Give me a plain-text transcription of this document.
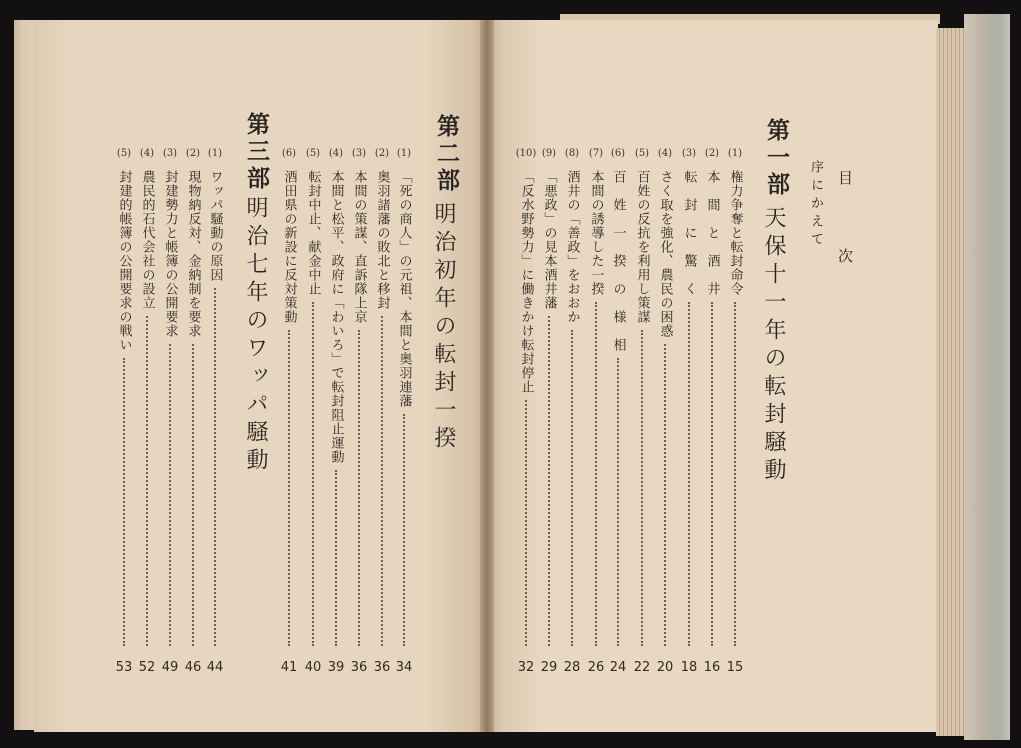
目　次
序にかえて
第一部
天保十一年の転封騒動
(1)
権力争奪と転封命令
15
(2)
本　間　と　酒　井
16
(3)
転　封　に　驚　く
18
(4)
さく取を強化、農民の困惑
20
(5)
百姓の反抗を利用し策謀
22
(6)
百　姓　一　揆　の　様　相
24
(7)
本間の誘導した一揆
26
(8)
酒井の「善政」をおおか
28
(9)
「悪政」の見本酒井藩
29
(10)
「反水野勢力」に働きかけ転封停止
32
第二部
明治初年の転封一揆
(1)
「死の商人」の元祖、本間と奥羽連藩
34
(2)
奥羽諸藩の敗北と移封
36
(3)
本間の策謀、直訴隊上京
36
(4)
本間と松平、政府に「わいろ」で転封阻止運動
39
(5)
転封中止、献金中止
40
(6)
酒田県の新設に反対策動
41
第三部
明治七年のワッパ騒動
(1)
ワッパ騒動の原因
44
(2)
現物納反対、金納制を要求
46
(3)
封建勢力と帳簿の公開要求
49
(4)
農民的石代会社の設立
52
(5)
封建的帳簿の公開要求の戦い
53
